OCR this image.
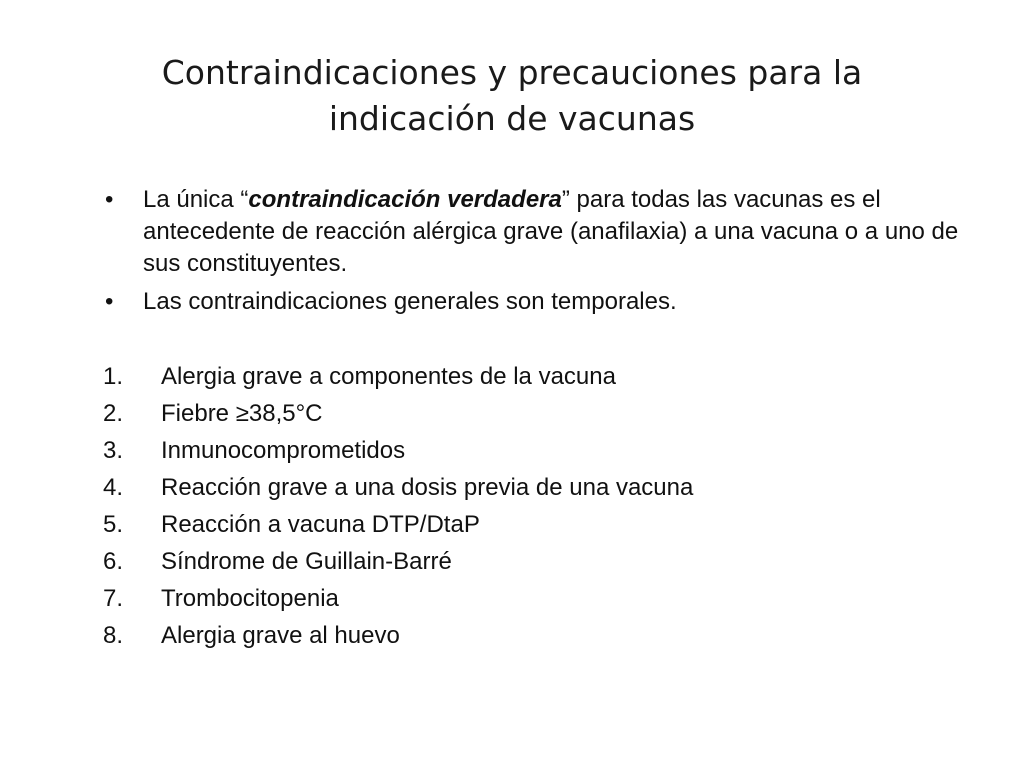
Contraindicaciones y precauciones para la
indicación de vacunas
• La única “contraindicación verdadera” para todas las vacunas es el antecedente de reacción alérgica grave (anafilaxia) a una vacuna o a uno de sus constituyentes.
• Las contraindicaciones generales son temporales.
1. Alergia grave a componentes de la vacuna
2. Fiebre ≥38,5°C
3. Inmunocomprometidos
4. Reacción grave a una dosis previa de una vacuna
5. Reacción a vacuna DTP/DtaP
6. Síndrome de Guillain-Barré
7. Trombocitopenia
8. Alergia grave al huevo
